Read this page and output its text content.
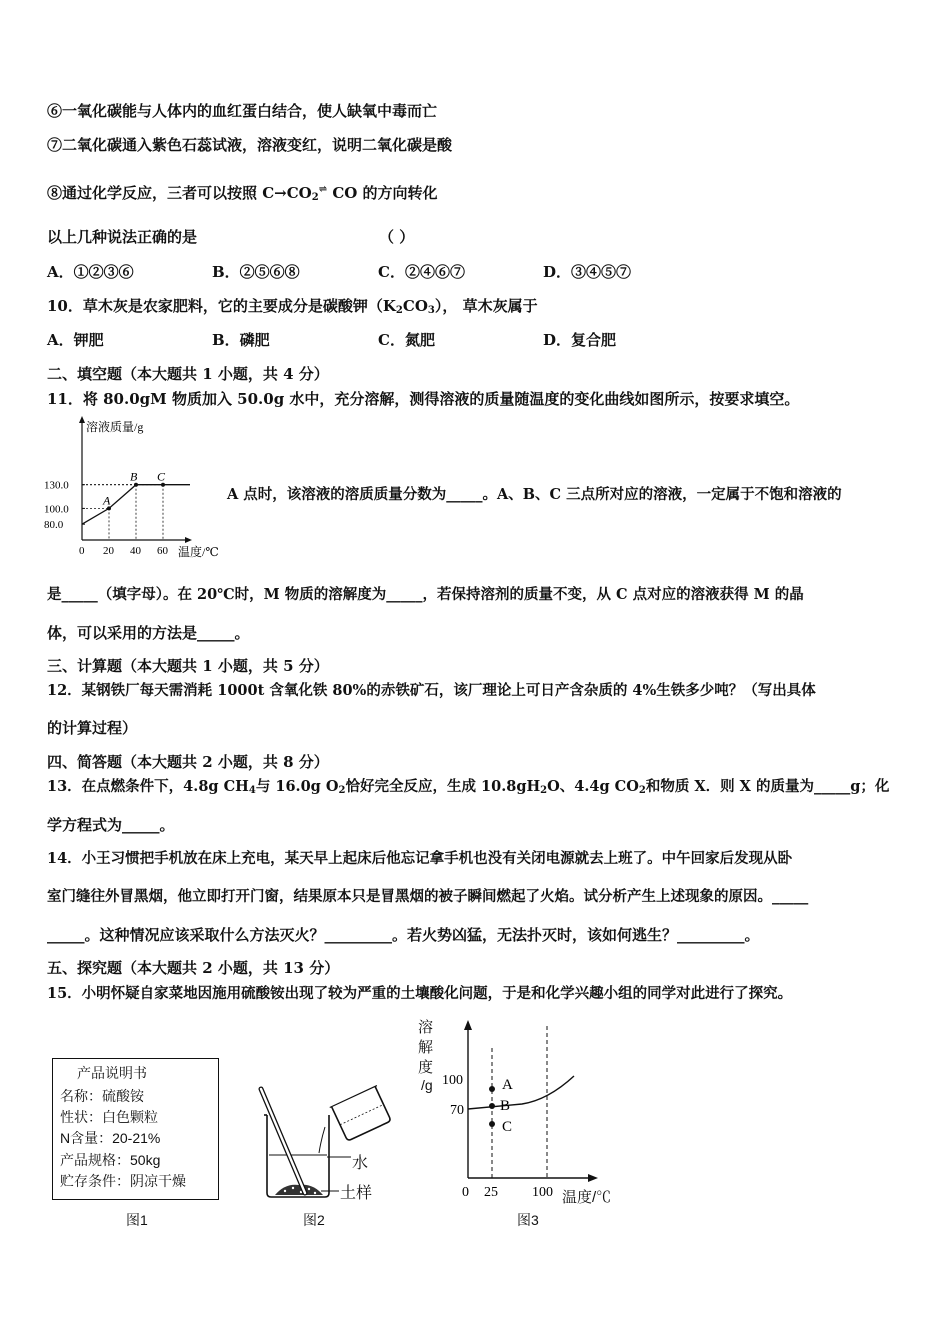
⑥一氧化碳能与人体内的血红蛋白结合，使人缺氧中毒而亡
⑦二氧化碳通入紫色石蕊试液，溶液变红，说明二氧化碳是酸
⑧通过化学反应，三者可以按照 $C\to CO_2^\rightleftharpoons$ CO 的方向转化
以上几种说法正确的是	（ ）
A．①②③⑥	B．②⑤⑥⑧	C．②④⑥⑦	D．③④⑤⑦
10．草木灰是农家肥料，它的主要成分是碳酸钾$(K_2CO_3)$， 草木灰属于
A．钾肥	B．磷肥	C．氮肥	D．复合肥
二、填空题（本大题共 1 小题，共 4 分）
11．将 80.0gM 物质加入 50.0g 水中，充分溶解，测得溶液的质量随温度的变化曲线如图所示，按要求填空。
溶液质量/g
温度/℃
80.0
100.0
130.0
0 20 40 60
A
B C
A 点时，该溶液的溶质质量分数为_____。A、B、C 三点所对应的溶液，一定属于不饱和溶液的
是_____（填字母）。在 20℃时，M 物质的溶解度为_____，若保持溶剂的质量不变，从 C 点对应的溶液获得 M 的晶
体，可以采用的方法是_____。
三、计算题（本大题共 1 小题，共 5 分）
12．某钢铁厂每天需消耗 1000t 含氧化铁 80%的赤铁矿石，该厂理论上可日产含杂质的 4%生铁多少吨？（写出具体
的计算过程）
四、简答题（本大题共 2 小题，共 8 分）
13．在点燃条件下，4.8g $CH_4$与 16.0g $O_2$恰好完全反应，生成 $10.8gH_2O$、4.4g $CO_2$和物质 X．则 X 的质量为_____g；化
学方程式为_____。
14．小王习惯把手机放在床上充电，某天早上起床后他忘记拿手机也没有关闭电源就去上班了。中午回家后发现从卧
室门缝往外冒黑烟，他立即打开门窗，结果原本只是冒黑烟的被子瞬间燃起了火焰。试分析产生上述现象的原因。_____
_____。这种情况应该采取什么方法灭火？_________。若火势凶猛，无法扑灭时，该如何逃生？_________。
五、探究题（本大题共 2 小题，共 13 分）
15．小明怀疑自家菜地因施用硫酸铵出现了较为严重的土壤酸化问题，于是和化学兴趣小组的同学对此进行了探究。
产品说明书
名称：硫酸铵
性状：白色颗粒
N含量：20-21%
产品规格：50kg
贮存条件：阴凉干燥
图1
水
土样
图2
溶
解
度
/g 100
70
A
B
C
0 25 100 温度/℃
图3
